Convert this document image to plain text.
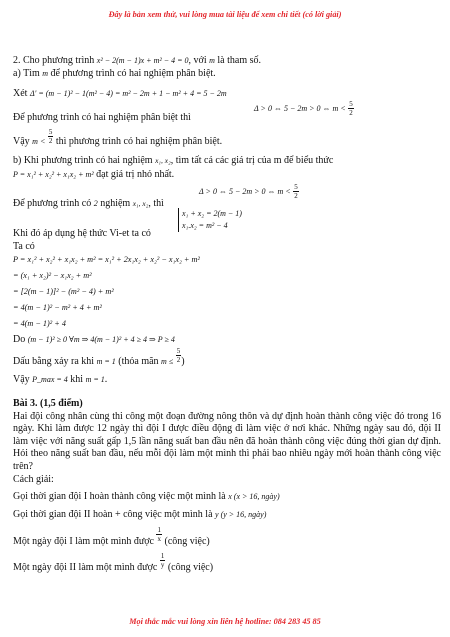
Đây là bản xem thử, vui lòng mua tài liệu để xem chi tiết (có lời giải)
2. Cho phương trình x² − 2(m − 1)x + m² − 4 = 0, với m là tham số.
a) Tìm m để phương trình có hai nghiệm phân biệt.
Xét Δ' = (m − 1)² − 1(m² − 4) = m² − 2m + 1 − m² + 4 = 5 − 2m
Để phương trình có hai nghiệm phân biệt thì
Δ > 0 ⇔ 5 − 2m > 0 ⇔ $m < \frac{5}{2}$
Vậy $m < \frac{5}{2}$ thì phương trình có hai nghiệm phân biệt.
b) Khi phương trình có hai nghiệm x₁, x₂, tìm tất cả các giá trị của m để biểu thức
P = x₁² + x₂² + x₁x₂ + m² đạt giá trị nhỏ nhất.
Δ > 0 ⇔ 5 − 2m > 0 ⇔ $m < \frac{5}{2}$
Để phương trình có 2 nghiệm x₁, x₂, thì
x₁ + x₂ = 2(m − 1)
x₁.x₂ = m² − 4
Khi đó áp dụng hệ thức Vi-et ta có
Ta có
P = x₁² + x₂² + x₁x₂ + m² = x₁² + 2x₁x₂ + x₂² − x₁x₂ + m²
= (x₁ + x₂)² − x₁x₂ + m²
= [2(m − 1)]² − (m² − 4) + m²
= 4(m − 1)² − m² + 4 + m²
= 4(m − 1)² + 4
Do (m − 1)² ≥ 0 ∀m ⇒ 4(m − 1)² + 4 ≥ 4 ⇒ P ≥ 4
Dấu bằng xảy ra khi m = 1 (thỏa mãn $m \le \frac{5}{2}$ )
Vậy P_max = 4 khi m = 1.
Bài 3. (1,5 điểm)
Hai đội công nhân cùng thi công một đoạn đường nông thôn và dự định hoàn thành công việc đó trong 16 ngày. Khi làm được 12 ngày thì đội I được điều động đi làm việc ở nơi khác. Những ngày sau đó, đội II làm việc với năng suất gấp 1,5 lần năng suất ban đầu nên đã hoàn thành công việc đúng thời gian dự định. Hỏi theo năng suất ban đầu, nếu mỗi đội làm một mình thì phải bao nhiêu ngày mới hoàn thành công việc trên?
Cách giải:
Gọi thời gian đội I hoàn thành công việc một mình là x (x > 16, ngày)
Gọi thời gian đội II hoàn + công việc một mình là y (y > 16, ngày)
Một ngày đội I làm một mình được $\frac{1}{x}$ (công việc)
Một ngày đội II làm một mình được $\frac{1}{y}$ (công việc)
Mọi thắc mắc vui lòng xin liên hệ hotline: 084 283 45 85
